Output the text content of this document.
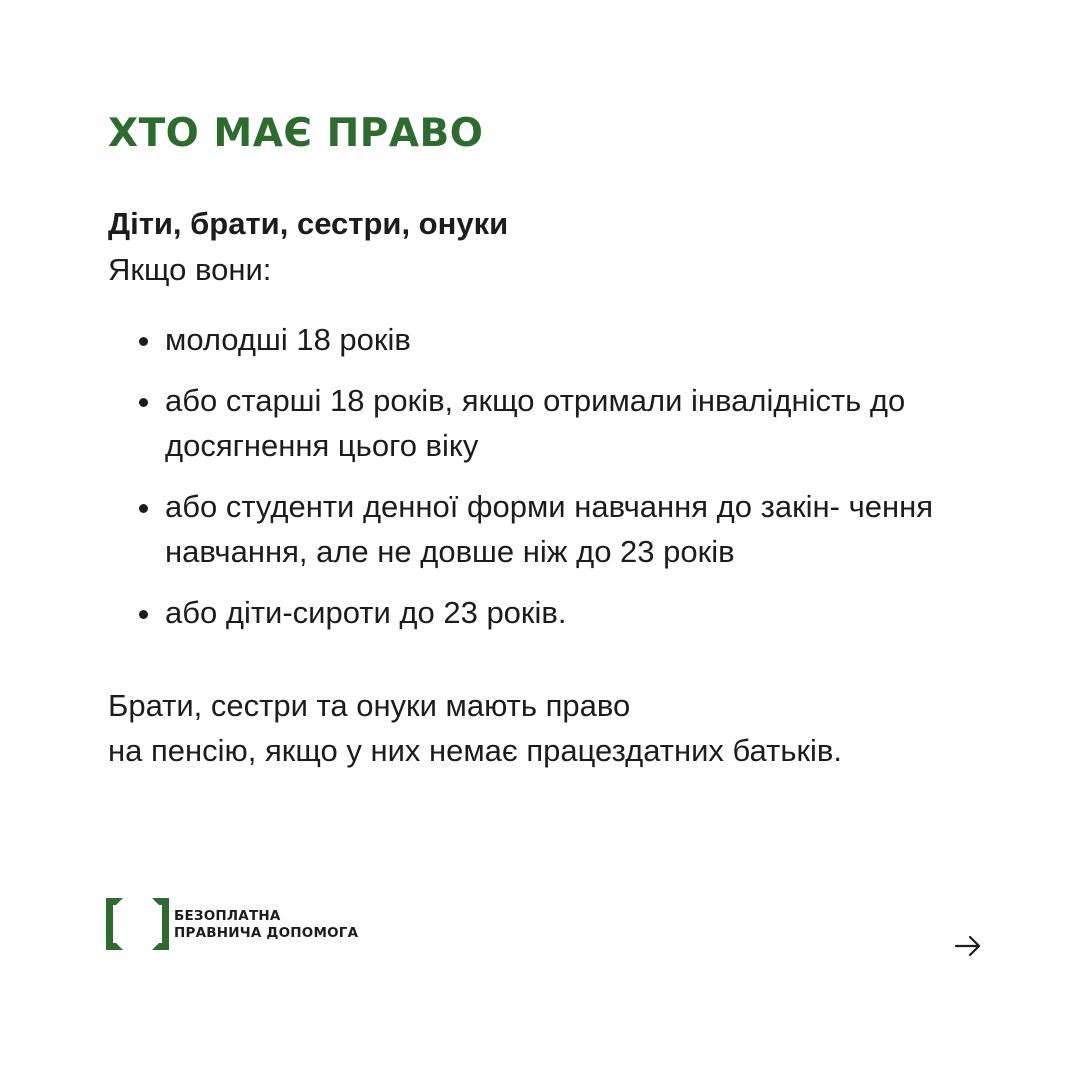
ХТО МАЄ ПРАВО

Діти, брати, сестри, онуки

Якщо вони:

молодші 18 років
або старші 18 років, якщо отримали інвалідність до досягнення цього віку
або студенти денної форми навчання до закін- чення навчання, але не довше ніж до 23 років
або діти-сироти до 23 років.

Брати, сестри та онуки мають право
на пенсію, якщо у них немає працездатних батьків.

БЕЗОПЛАТНА
ПРАВНИЧА ДОПОМОГА
